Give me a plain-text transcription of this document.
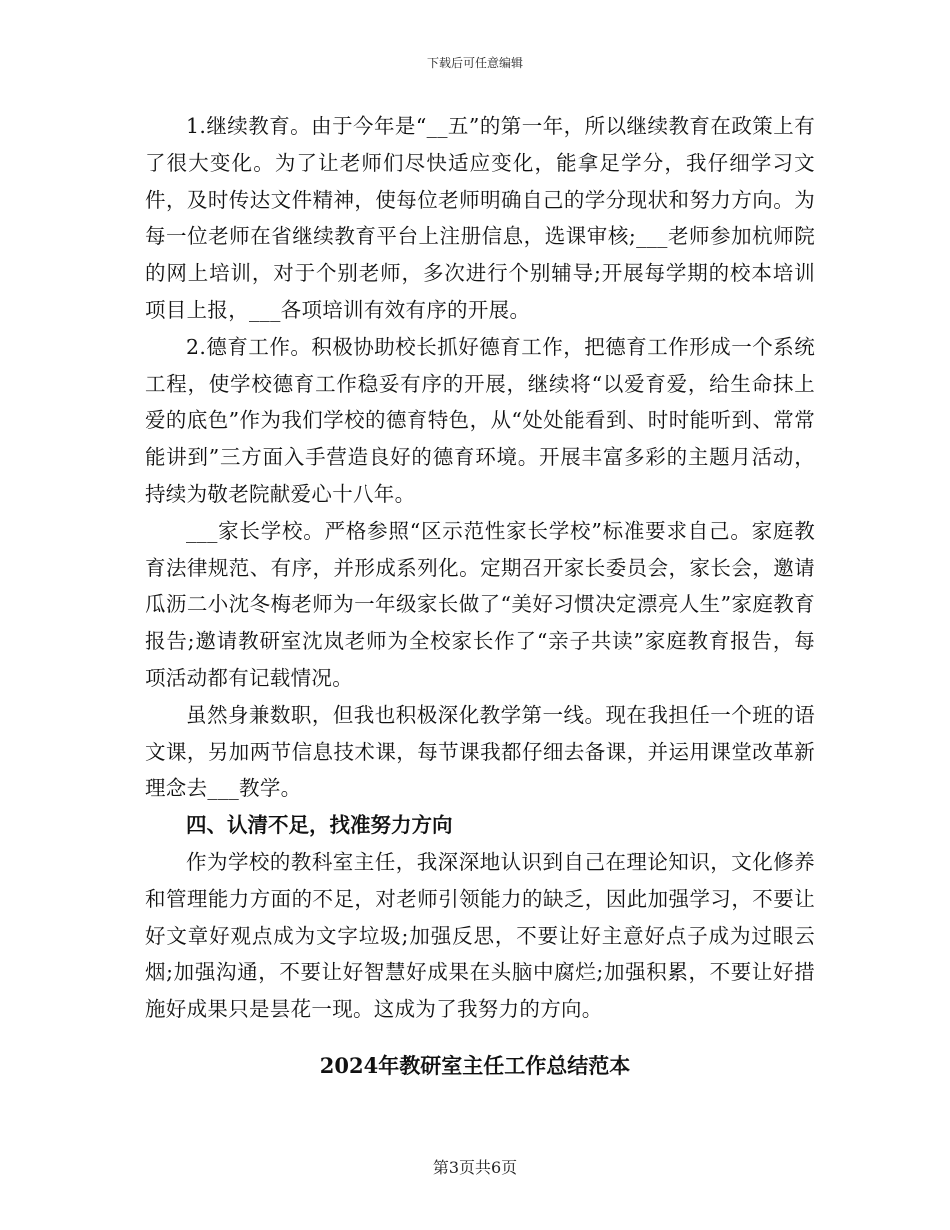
下载后可任意编辑

1.继续教育。由于今年是“__五”的第一年，所以继续教育在政策上有了很大变化。为了让老师们尽快适应变化，能拿足学分，我仔细学习文件，及时传达文件精神，使每位老师明确自己的学分现状和努力方向。为每一位老师在省继续教育平台上注册信息，选课审核;___老师参加杭师院的网上培训，对于个别老师，多次进行个别辅导;开展每学期的校本培训项目上报，___各项培训有效有序的开展。

2.德育工作。积极协助校长抓好德育工作，把德育工作形成一个系统工程，使学校德育工作稳妥有序的开展，继续将“以爱育爱，给生命抹上爱的底色”作为我们学校的德育特色，从“处处能看到、时时能听到、常常能讲到”三方面入手营造良好的德育环境。开展丰富多彩的主题月活动，持续为敬老院献爱心十八年。

___家长学校。严格参照“区示范性家长学校”标准要求自己。家庭教育法律规范、有序，并形成系列化。定期召开家长委员会，家长会，邀请瓜沥二小沈冬梅老师为一年级家长做了“美好习惯决定漂亮人生”家庭教育报告;邀请教研室沈岚老师为全校家长作了“亲子共读”家庭教育报告，每项活动都有记载情况。

虽然身兼数职，但我也积极深化教学第一线。现在我担任一个班的语文课，另加两节信息技术课，每节课我都仔细去备课，并运用课堂改革新理念去___教学。

四、认清不足，找准努力方向

作为学校的教科室主任，我深深地认识到自己在理论知识，文化修养和管理能力方面的不足，对老师引领能力的缺乏，因此加强学习，不要让好文章好观点成为文字垃圾;加强反思，不要让好主意好点子成为过眼云烟;加强沟通，不要让好智慧好成果在头脑中腐烂;加强积累，不要让好措施好成果只是昙花一现。这成为了我努力的方向。

2024年教研室主任工作总结范本
第3页共6页
